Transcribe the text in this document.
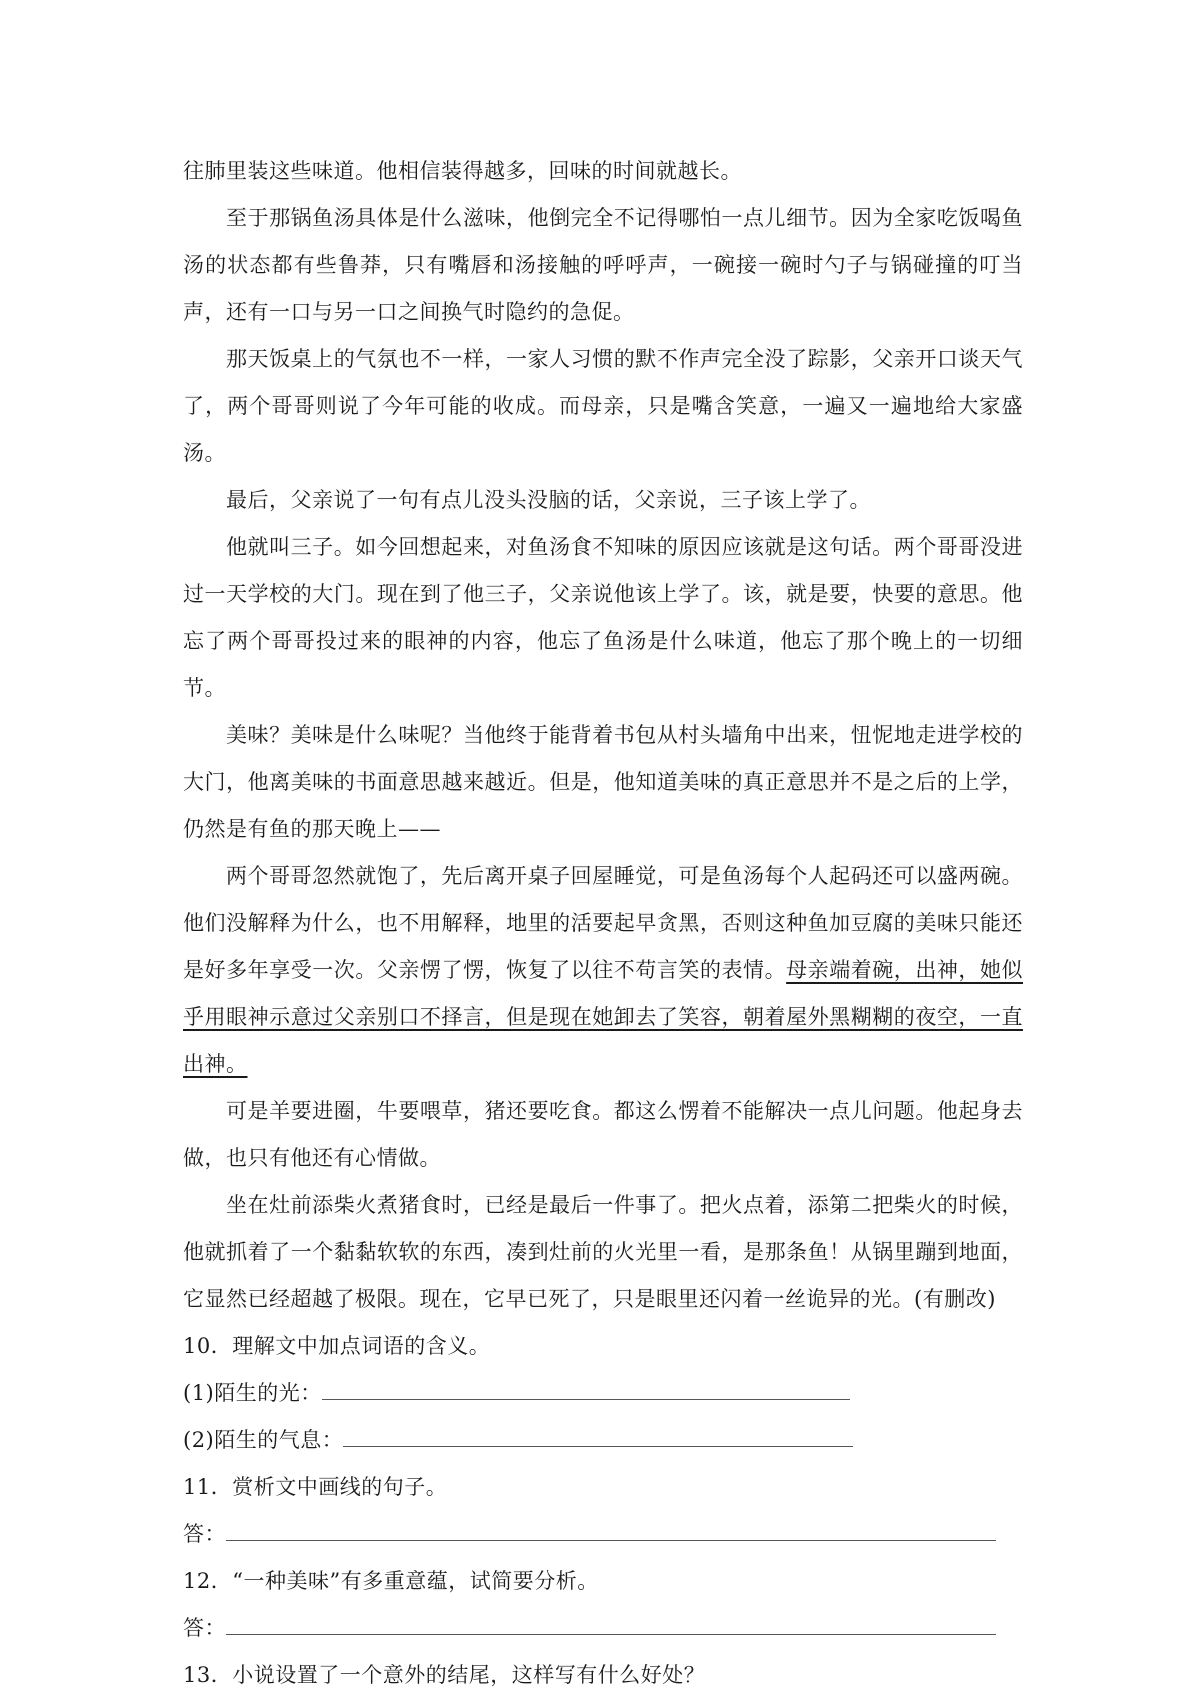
往肺里装这些味道。他相信装得越多，回味的时间就越长。

至于那锅鱼汤具体是什么滋味，他倒完全不记得哪怕一点儿细节。因为全家吃饭喝鱼汤的状态都有些鲁莽，只有嘴唇和汤接触的呼呼声，一碗接一碗时勺子与锅碰撞的叮当声，还有一口与另一口之间换气时隐约的急促。

那天饭桌上的气氛也不一样，一家人习惯的默不作声完全没了踪影，父亲开口谈天气了，两个哥哥则说了今年可能的收成。而母亲，只是嘴含笑意，一遍又一遍地给大家盛汤。

最后，父亲说了一句有点儿没头没脑的话，父亲说，三子该上学了。

他就叫三子。如今回想起来，对鱼汤食不知味的原因应该就是这句话。两个哥哥没进过一天学校的大门。现在到了他三子，父亲说他该上学了。该，就是要，快要的意思。他忘了两个哥哥投过来的眼神的内容，他忘了鱼汤是什么味道，他忘了那个晚上的一切细节。

美味？美味是什么味呢？当他终于能背着书包从村头墙角中出来，忸怩地走进学校的大门，他离美味的书面意思越来越近。但是，他知道美味的真正意思并不是之后的上学，仍然是有鱼的那天晚上——

两个哥哥忽然就饱了，先后离开桌子回屋睡觉，可是鱼汤每个人起码还可以盛两碗。他们没解释为什么，也不用解释，地里的活要起早贪黑，否则这种鱼加豆腐的美味只能还是好多年享受一次。父亲愣了愣，恢复了以往不苟言笑的表情。母亲端着碗，出神，她似乎用眼神示意过父亲别口不择言，但是现在她卸去了笑容，朝着屋外黑糊糊的夜空，一直出神。

可是羊要进圈，牛要喂草，猪还要吃食。都这么愣着不能解决一点儿问题。他起身去做，也只有他还有心情做。

坐在灶前添柴火煮猪食时，已经是最后一件事了。把火点着，添第二把柴火的时候，他就抓着了一个黏黏软软的东西，凑到灶前的火光里一看，是那条鱼！从锅里蹦到地面，它显然已经超越了极限。现在，它早已死了，只是眼里还闪着一丝诡异的光。(有删改)

10．理解文中加点词语的含义。

(1)陌生的光：

(2)陌生的气息：

11．赏析文中画线的句子。

答：

12．“一种美味”有多重意蕴，试简要分析。

答：

13．小说设置了一个意外的结尾，这样写有什么好处？
